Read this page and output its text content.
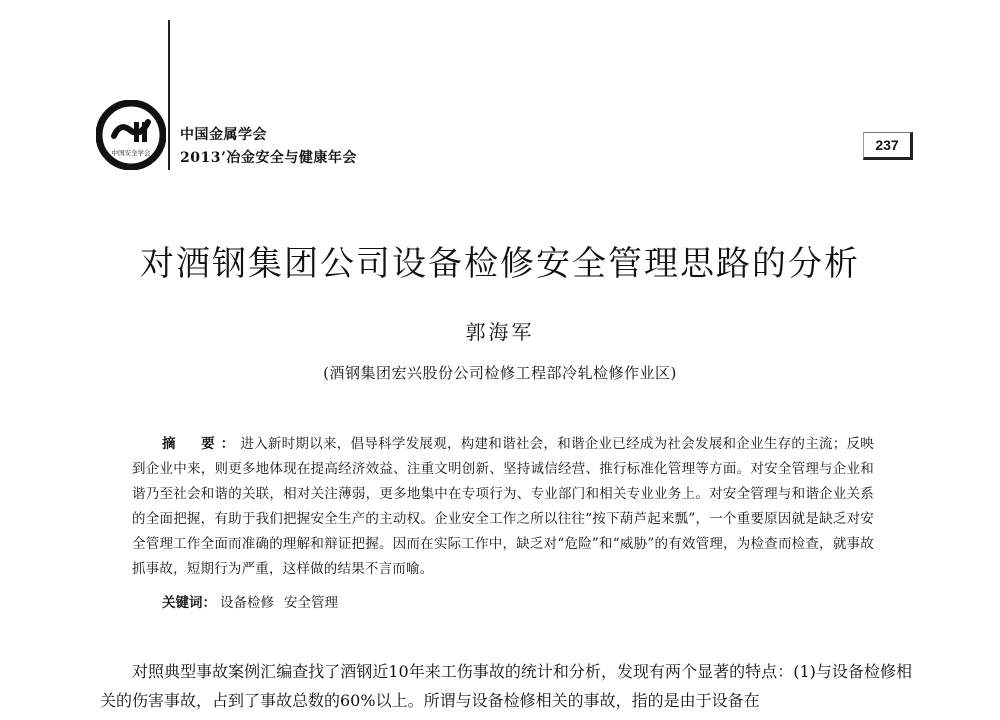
中国安全学会
中国金属学会
2013’冶金安全与健康年会
237
对酒钢集团公司设备检修安全管理思路的分析
郭海军
(酒钢集团宏兴股份公司检修工程部冷轧检修作业区)
摘　要：进入新时期以来，倡导科学发展观，构建和谐社会，和谐企业已经成为社会发展和企业生存的主流；反映到企业中来，则更多地体现在提高经济效益、注重文明创新、坚持诚信经营、推行标准化管理等方面。对安全管理与企业和谐乃至社会和谐的关联，相对关注薄弱，更多地集中在专项行为、专业部门和相关专业业务上。对安全管理与和谐企业关系的全面把握，有助于我们把握安全生产的主动权。企业安全工作之所以往往“按下葫芦起来瓢”，一个重要原因就是缺乏对安全管理工作全面而准确的理解和辩证把握。因而在实际工作中，缺乏对“危险”和“威胁”的有效管理，为检查而检查，就事故抓事故，短期行为严重，这样做的结果不言而喻。
关键词： 设备检修 安全管理
对照典型事故案例汇编查找了酒钢近10年来工伤事故的统计和分析，发现有两个显著的特点：(1)与设备检修相关的伤害事故，占到了事故总数的60%以上。所谓与设备检修相关的事故，指的是由于设备在
